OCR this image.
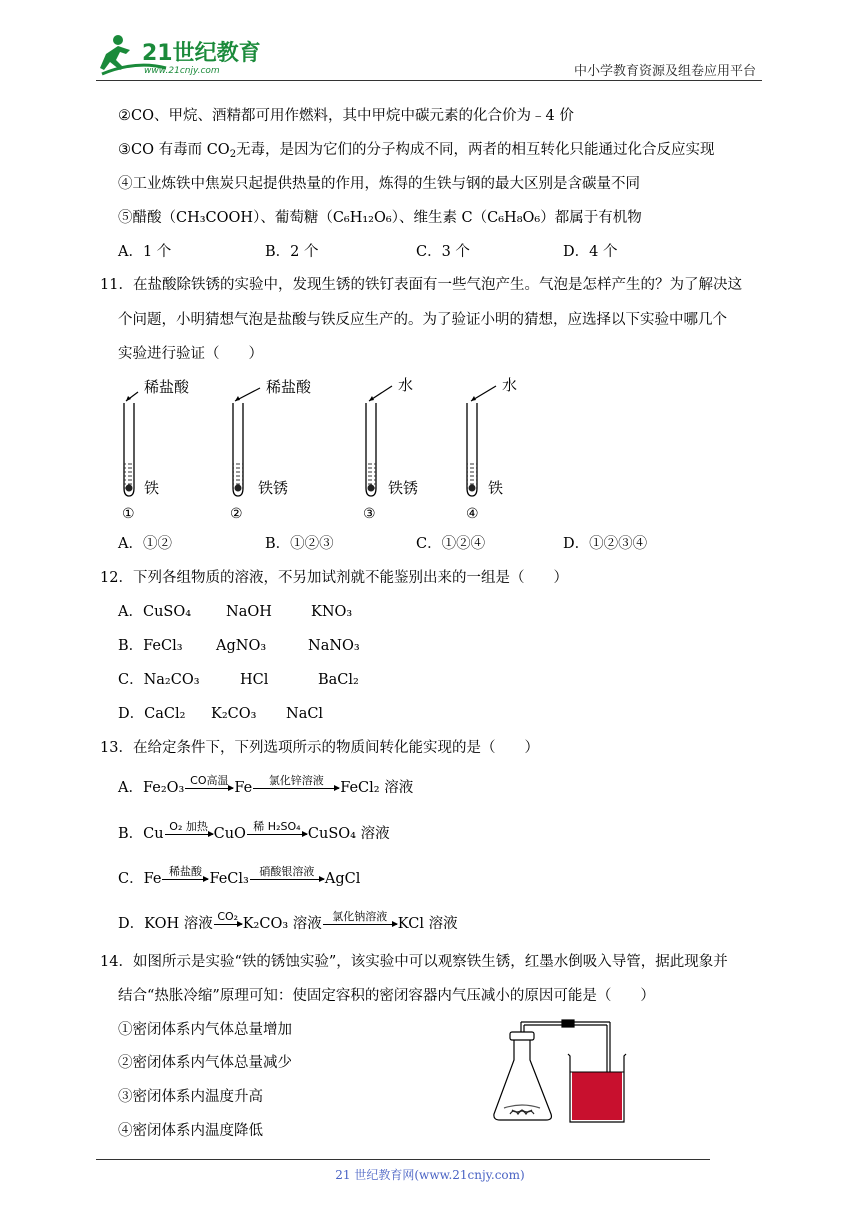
21世纪教育
www.21cnjy.com	中小学教育资源及组卷应用平台
②CO、甲烷、酒精都可用作燃料，其中甲烷中碳元素的化合价为﹣4 价
③CO 有毒而 $CO_2$无毒，是因为它们的分子构成不同，两者的相互转化只能通过化合反应实现
④工业炼铁中焦炭只起提供热量的作用，炼得的生铁与钢的最大区别是含碳量不同
⑤醋酸（CH₃COOH）、葡萄糖（C₆H₁₂O₆）、维生素 C（C₆H₈O₆）都属于有机物
A．1 个	B．2 个	C．3 个	D．4 个
11．在盐酸除铁锈的实验中，发现生锈的铁钉表面有一些气泡产生。气泡是怎样产生的？为了解决这
个问题，小明猜想气泡是盐酸与铁反应生产的。为了验证小明的猜想，应选择以下实验中哪几个
实验进行验证（　　）
稀盐酸
铁
①
稀盐酸
铁锈
②
水
铁锈
③
水
铁
④
A．①②	B．①②③	C．①②④	D．①②③④
12．下列各组物质的溶液，不另加试剂就不能鉴别出来的一组是（　　）
A．CuSO₄ NaOH	KNO₃
B．FeCl₃ AgNO₃	NaNO₃
C．Na₂CO₃	HCl	BaCl₂
D．CaCl₂ K₂CO₃ NaCl
13．在给定条件下，下列选项所示的物质间转化能实现的是（　　）
A．Fe₂O₃ CO高温 Fe	氯化锌溶液	FeCl₂ 溶液
B．Cu O₂ 加热 CuO 稀 H₂SO₄ CuSO₄ 溶液
C．Fe 稀盐酸 FeCl₃ 硝酸银溶液 AgCl
D．KOH 溶液 CO₂ K₂CO₃ 溶液 氯化钠溶液 KCl 溶液
14．如图所示是实验“铁的锈蚀实验”，该实验中可以观察铁生锈，红墨水倒吸入导管，据此现象并
结合“热胀冷缩”原理可知：使固定容积的密闭容器内气压减小的原因可能是（　　）
①密闭体系内气体总量增加
②密闭体系内气体总量减少
③密闭体系内温度升高
④密闭体系内温度降低
21 世纪教育网(www.21cnjy.com)
